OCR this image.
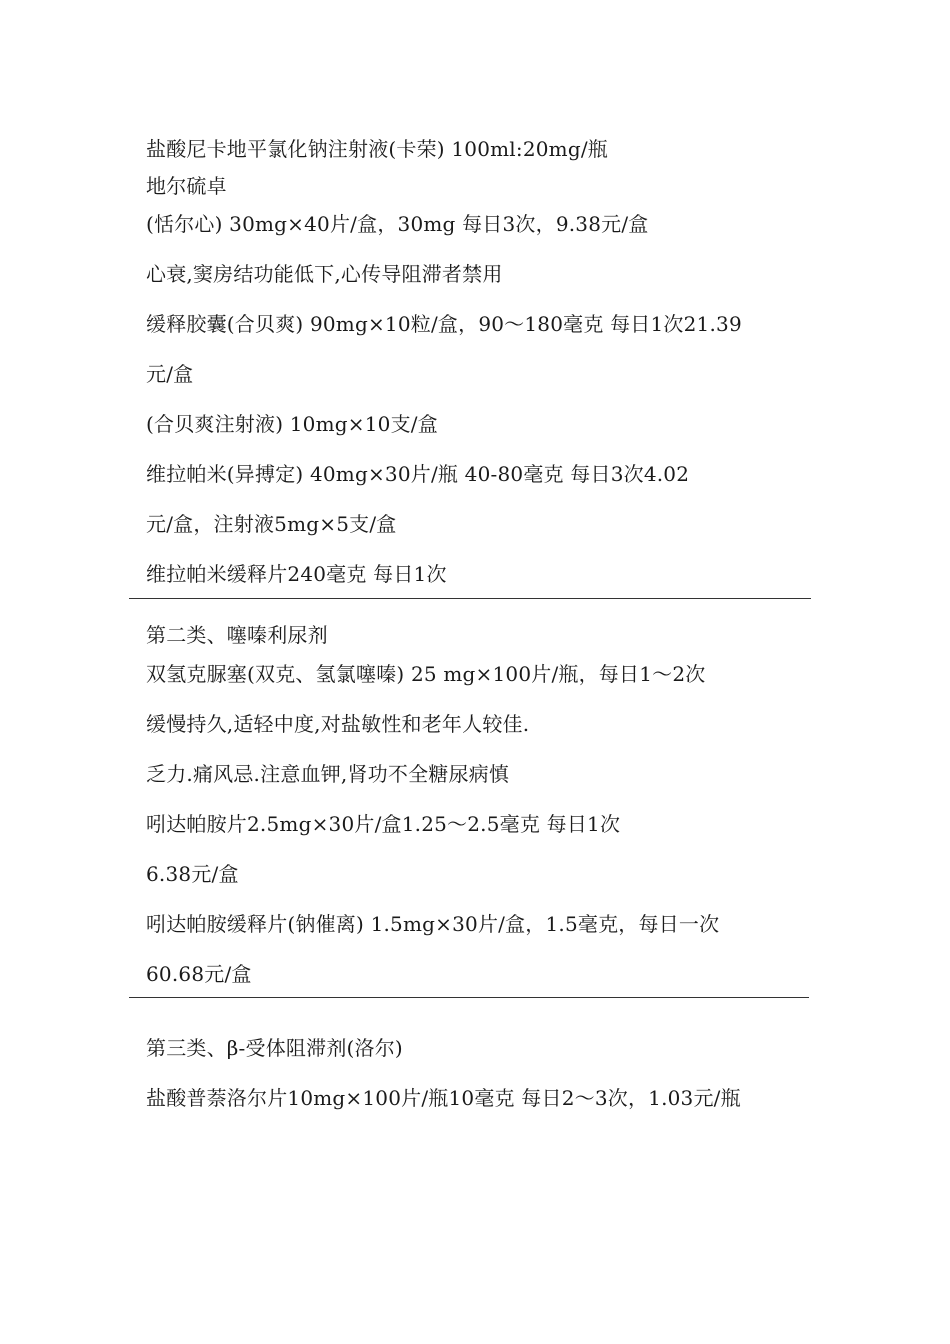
盐酸尼卡地平氯化钠注射液(卡荣) 100ml:20mg/瓶
地尔硫卓
(恬尔心) 30mg×40片/盒，30mg 每日3次，9.38元/盒
心衰,窦房结功能低下,心传导阻滞者禁用
缓释胶囊(合贝爽) 90mg×10粒/盒，90～180毫克 每日1次21.39
元/盒
(合贝爽注射液) 10mg×10支/盒
维拉帕米(异搏定) 40mg×30片/瓶 40-80毫克 每日3次4.02
元/盒，注射液5mg×5支/盒
维拉帕米缓释片240毫克 每日1次
第二类、噻嗪利尿剂
双氢克脲塞(双克、氢氯噻嗪) 25 mg×100片/瓶，每日1～2次
缓慢持久,适轻中度,对盐敏性和老年人较佳.
乏力.痛风忌.注意血钾,肾功不全糖尿病慎
吲达帕胺片2.5mg×30片/盒1.25～2.5毫克 每日1次
6.38元/盒
吲达帕胺缓释片(钠催离) 1.5mg×30片/盒，1.5毫克，每日一次
60.68元/盒
第三类、β-受体阻滞剂(洛尔)
盐酸普萘洛尔片10mg×100片/瓶10毫克 每日2～3次，1.03元/瓶
